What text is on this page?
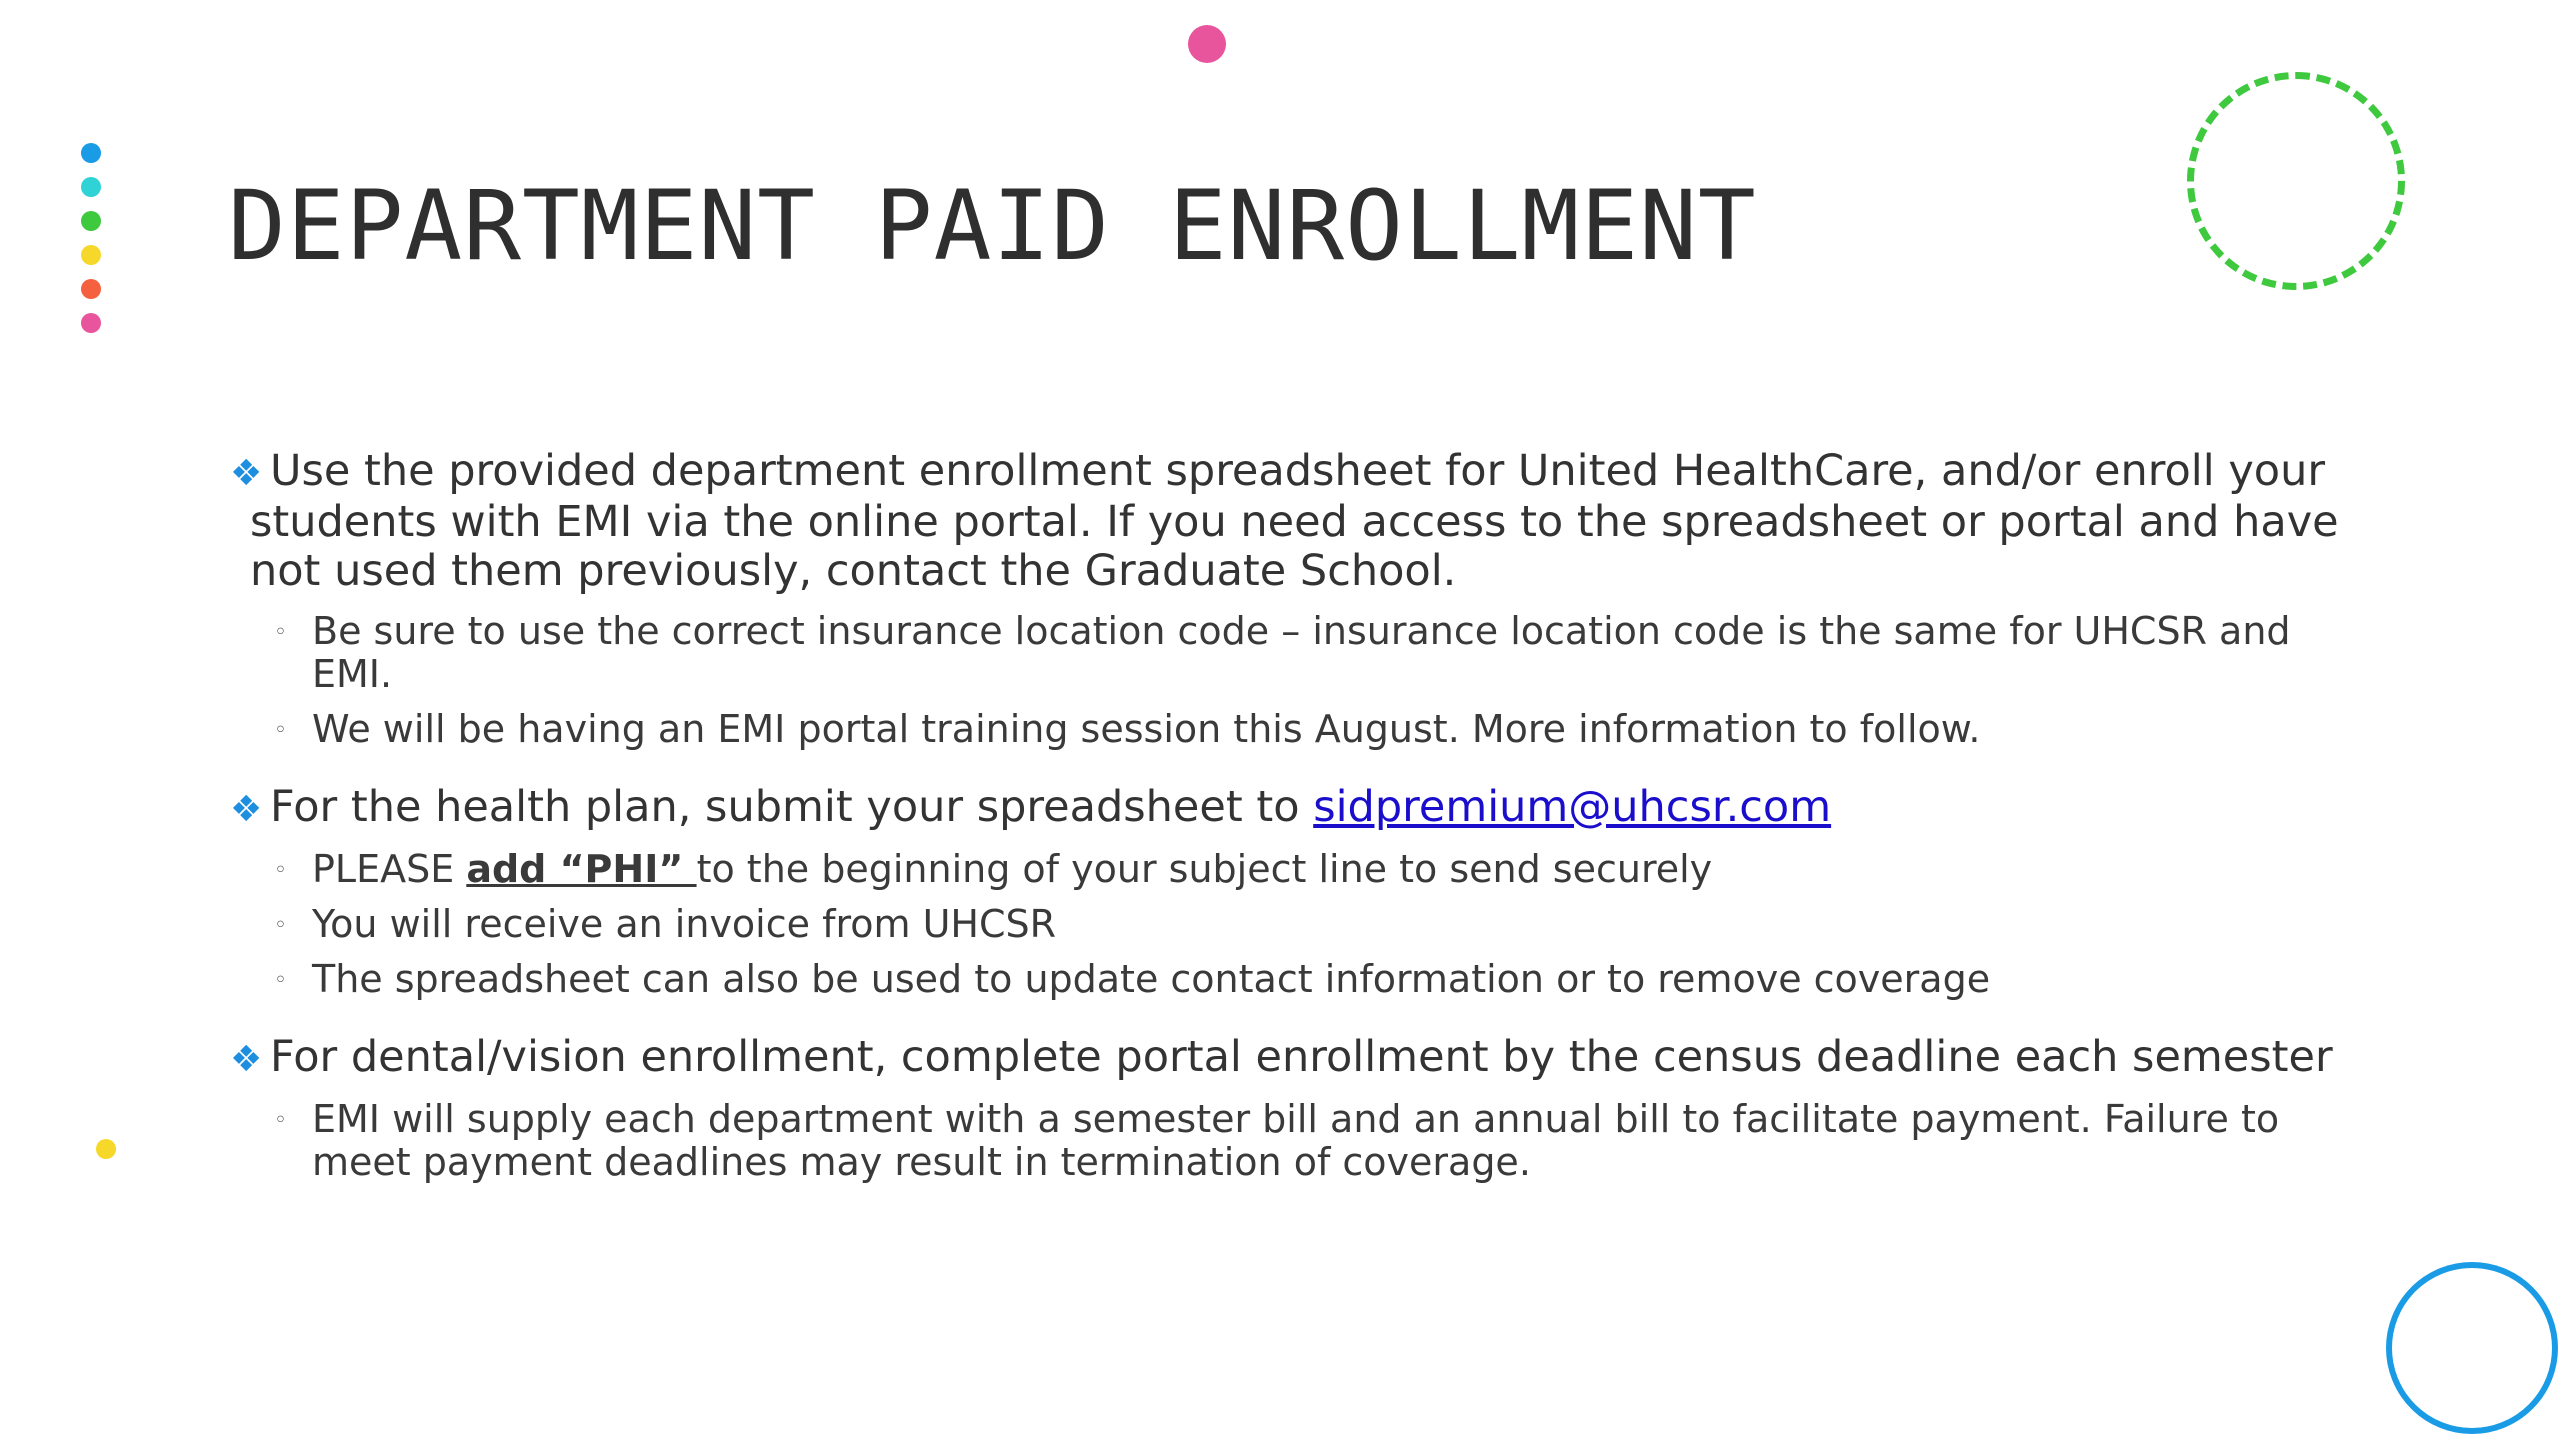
DEPARTMENT PAID ENROLLMENT
❖ Use the provided department enrollment spreadsheet for United HealthCare, and/or enroll your students with EMI via the online portal. If you need access to the spreadsheet or portal and have not used them previously, contact the Graduate School.
◦ Be sure to use the correct insurance location code – insurance location code is the same for UHCSR and EMI.
◦ We will be having an EMI portal training session this August. More information to follow.
❖ For the health plan, submit your spreadsheet to sidpremium@uhcsr.com
◦ PLEASE add “PHI” to the beginning of your subject line to send securely
◦ You will receive an invoice from UHCSR
◦ The spreadsheet can also be used to update contact information or to remove coverage
❖ For dental/vision enrollment, complete portal enrollment by the census deadline each semester
◦ EMI will supply each department with a semester bill and an annual bill to facilitate payment. Failure to meet payment deadlines may result in termination of coverage.
